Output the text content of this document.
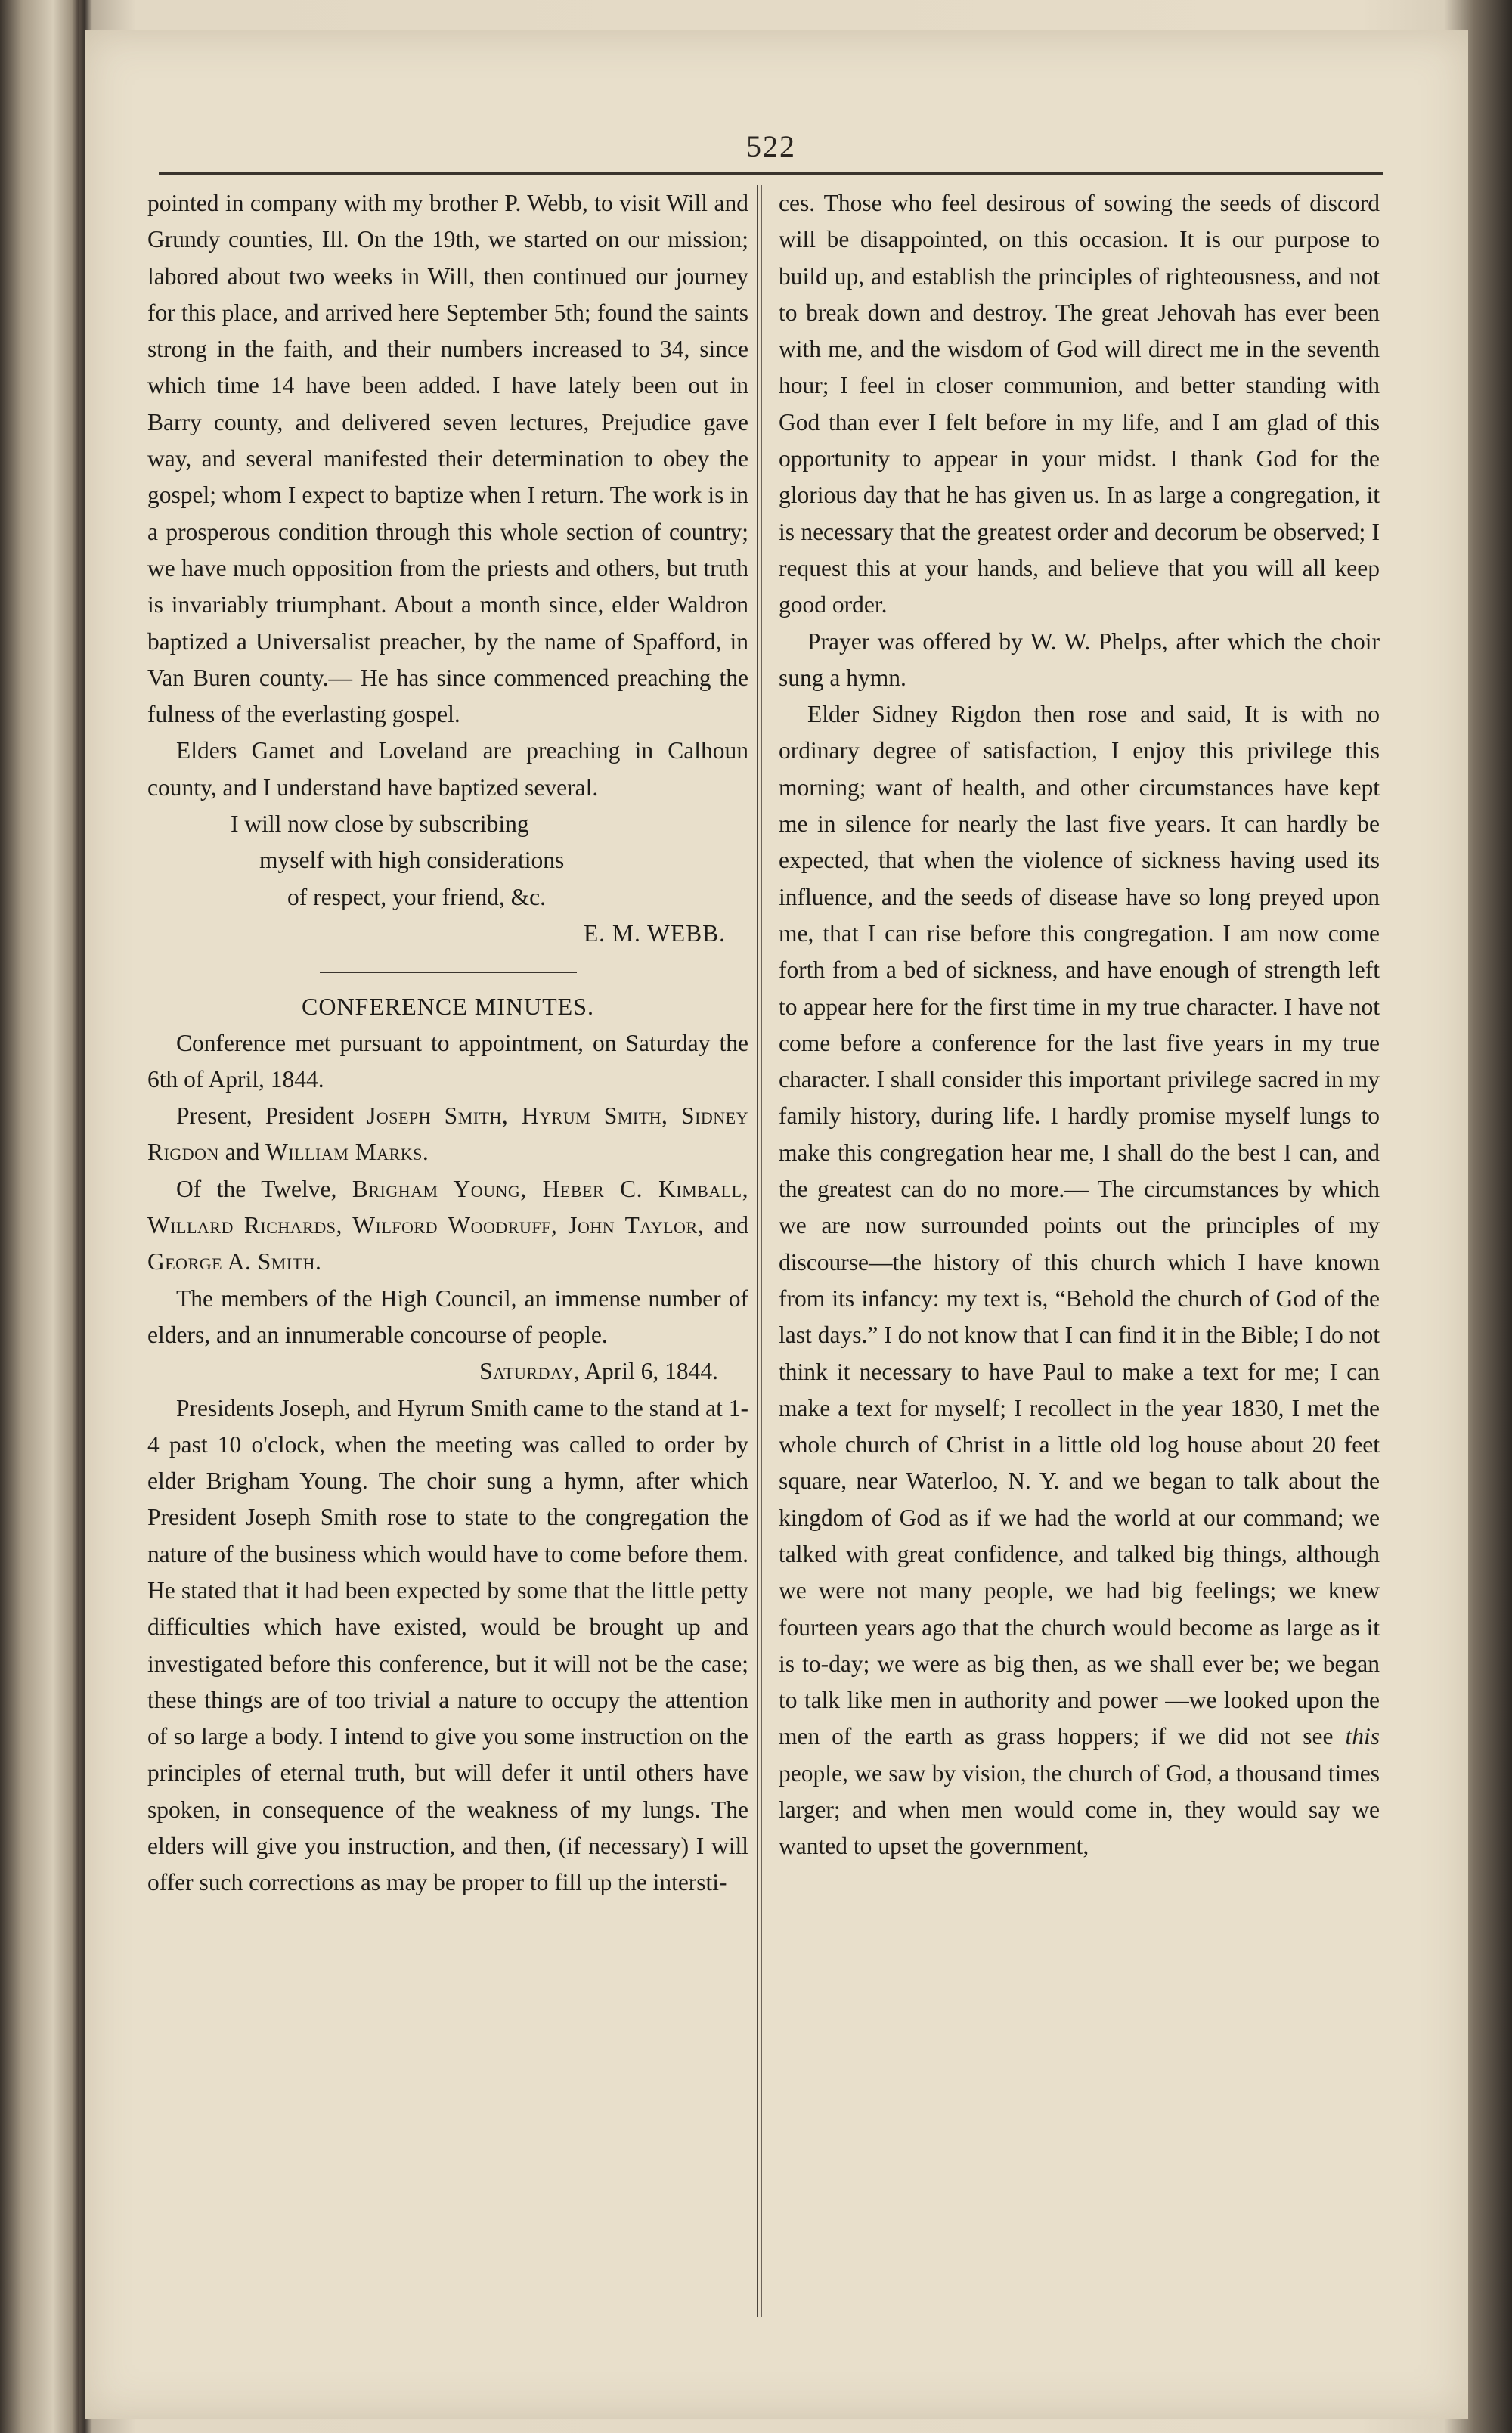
522

pointed in company with my brother P. Webb, to visit Will and Grundy counties, Ill. On the 19th, we started on our mission; labored about two weeks in Will, then continued our journey for this place, and arrived here September 5th; found the saints strong in the faith, and their numbers increased to 34, since which time 14 have been added. I have lately been out in Barry county, and delivered seven lectures, Prejudice gave way, and several manifested their determination to obey the gospel; whom I expect to baptize when I return. The work is in a prosperous condition through this whole section of country; we have much opposition from the priests and others, but truth is invariably triumphant. About a month since, elder Waldron baptized a Universalist preacher, by the name of Spafford, in Van Buren county.— He has since commenced preaching the fulness of the everlasting gospel.

Elders Gamet and Loveland are preaching in Calhoun county, and I understand have baptized several.

I will now close by subscribing

myself with high considerations

of respect, your friend, &c.

E. M. WEBB.

CONFERENCE MINUTES.

Conference met pursuant to appointment, on Saturday the 6th of April, 1844.

Present, President Joseph Smith, Hyrum Smith, Sidney Rigdon and William Marks.

Of the Twelve, Brigham Young, Heber C. Kimball, Willard Richards, Wilford Woodruff, John Taylor, and George A. Smith.

The members of the High Council, an immense number of elders, and an innumerable concourse of people.

Saturday, April 6, 1844.

Presidents Joseph, and Hyrum Smith came to the stand at 1-4 past 10 o'clock, when the meeting was called to order by elder Brigham Young. The choir sung a hymn, after which President Joseph Smith rose to state to the congregation the nature of the business which would have to come before them. He stated that it had been expected by some that the little petty difficulties which have existed, would be brought up and investigated before this conference, but it will not be the case; these things are of too trivial a nature to occupy the attention of so large a body. I intend to give you some instruction on the principles of eternal truth, but will defer it until others have spoken, in consequence of the weakness of my lungs. The elders will give you instruction, and then, (if necessary) I will offer such corrections as may be proper to fill up the intersti-

ces. Those who feel desirous of sowing the seeds of discord will be disappointed, on this occasion. It is our purpose to build up, and establish the principles of righteousness, and not to break down and destroy. The great Jehovah has ever been with me, and the wisdom of God will direct me in the seventh hour; I feel in closer communion, and better standing with God than ever I felt before in my life, and I am glad of this opportunity to appear in your midst. I thank God for the glorious day that he has given us. In as large a congregation, it is necessary that the greatest order and decorum be observed; I request this at your hands, and believe that you will all keep good order.

Prayer was offered by W. W. Phelps, after which the choir sung a hymn.

Elder Sidney Rigdon then rose and said, It is with no ordinary degree of satisfaction, I enjoy this privilege this morning; want of health, and other circumstances have kept me in silence for nearly the last five years. It can hardly be expected, that when the violence of sickness having used its influence, and the seeds of disease have so long preyed upon me, that I can rise before this congregation. I am now come forth from a bed of sickness, and have enough of strength left to appear here for the first time in my true character. I have not come before a conference for the last five years in my true character. I shall consider this important privilege sacred in my family history, during life. I hardly promise myself lungs to make this congregation hear me, I shall do the best I can, and the greatest can do no more.— The circumstances by which we are now surrounded points out the principles of my discourse—the history of this church which I have known from its infancy: my text is, “Behold the church of God of the last days.” I do not know that I can find it in the Bible; I do not think it necessary to have Paul to make a text for me; I can make a text for myself; I recollect in the year 1830, I met the whole church of Christ in a little old log house about 20 feet square, near Waterloo, N. Y. and we began to talk about the kingdom of God as if we had the world at our command; we talked with great confidence, and talked big things, although we were not many people, we had big feelings; we knew fourteen years ago that the church would become as large as it is to-day; we were as big then, as we shall ever be; we began to talk like men in authority and power —we looked upon the men of the earth as grass hoppers; if we did not see this people, we saw by vision, the church of God, a thousand times larger; and when men would come in, they would say we wanted to upset the government,
